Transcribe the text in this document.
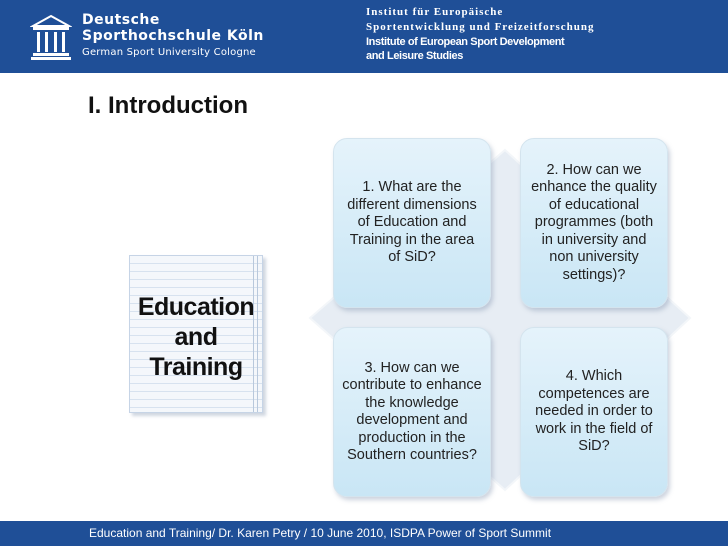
Deutsche
Sporthochschule Köln
German Sport University Cologne
Institut für Europäische
Sportentwicklung und Freizeitforschung
Institute of European Sport Development
and Leisure Studies
I. Introduction
Education
and
Training
1. What are the different dimensions of Education and Training in the area of SiD?
2. How can we enhance the quality of educational programmes (both in university and non university settings)?
3. How can we contribute to enhance the knowledge development and production in the Southern countries?
4. Which competences are needed in order to work in the field of SiD?
Education and Training/ Dr. Karen Petry / 10 June 2010, ISDPA Power of Sport Summit
